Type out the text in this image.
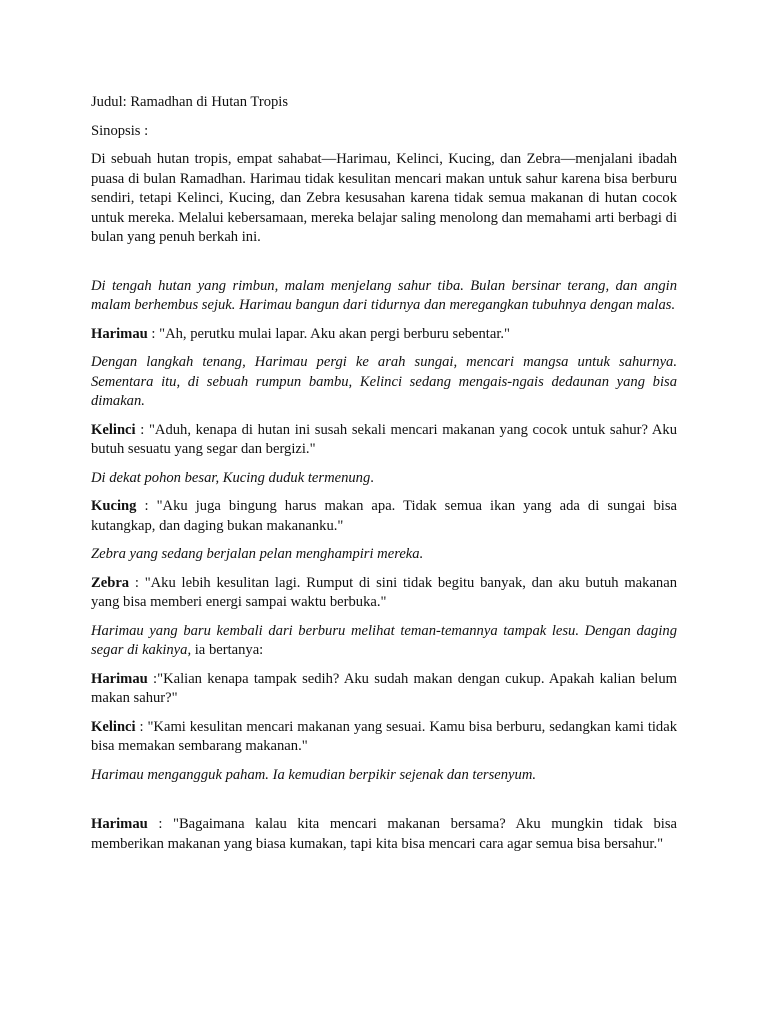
Judul: Ramadhan di Hutan Tropis

Sinopsis :

Di sebuah hutan tropis, empat sahabat—Harimau, Kelinci, Kucing, dan Zebra—menjalani ibadah puasa di bulan Ramadhan. Harimau tidak kesulitan mencari makan untuk sahur karena bisa berburu sendiri, tetapi Kelinci, Kucing, dan Zebra kesusahan karena tidak semua makanan di hutan cocok untuk mereka. Melalui kebersamaan, mereka belajar saling menolong dan memahami arti berbagi di bulan yang penuh berkah ini.

Di tengah hutan yang rimbun, malam menjelang sahur tiba. Bulan bersinar terang, dan angin malam berhembus sejuk. Harimau bangun dari tidurnya dan meregangkan tubuhnya dengan malas.

Harimau : "Ah, perutku mulai lapar. Aku akan pergi berburu sebentar."

Dengan langkah tenang, Harimau pergi ke arah sungai, mencari mangsa untuk sahurnya. Sementara itu, di sebuah rumpun bambu, Kelinci sedang mengais-ngais dedaunan yang bisa dimakan.

Kelinci : "Aduh, kenapa di hutan ini susah sekali mencari makanan yang cocok untuk sahur? Aku butuh sesuatu yang segar dan bergizi."

Di dekat pohon besar, Kucing duduk termenung.

Kucing : "Aku juga bingung harus makan apa. Tidak semua ikan yang ada di sungai bisa kutangkap, dan daging bukan makananku."

Zebra yang sedang berjalan pelan menghampiri mereka.

Zebra : "Aku lebih kesulitan lagi. Rumput di sini tidak begitu banyak, dan aku butuh makanan yang bisa memberi energi sampai waktu berbuka."

Harimau yang baru kembali dari berburu melihat teman-temannya tampak lesu. Dengan daging segar di kakinya, ia bertanya:

Harimau :"Kalian kenapa tampak sedih? Aku sudah makan dengan cukup. Apakah kalian belum makan sahur?"

Kelinci : "Kami kesulitan mencari makanan yang sesuai. Kamu bisa berburu, sedangkan kami tidak bisa memakan sembarang makanan."

Harimau mengangguk paham. Ia kemudian berpikir sejenak dan tersenyum.

Harimau : "Bagaimana kalau kita mencari makanan bersama? Aku mungkin tidak bisa memberikan makanan yang biasa kumakan, tapi kita bisa mencari cara agar semua bisa bersahur."
